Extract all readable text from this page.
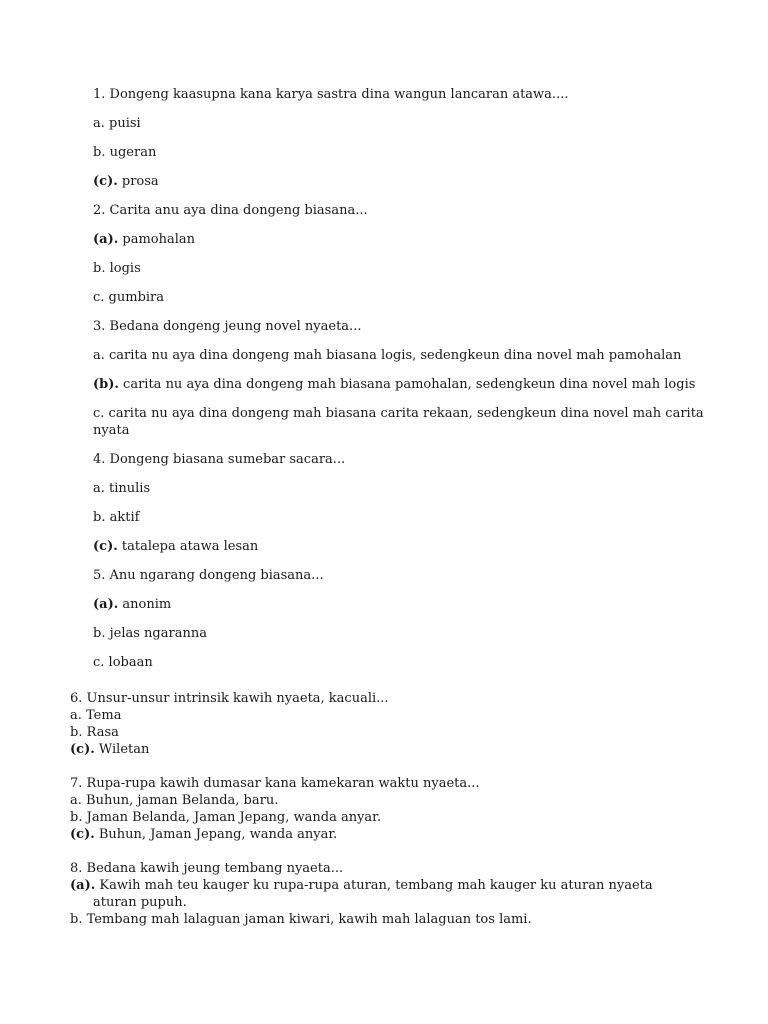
1. Dongeng kaasupna kana karya sastra dina wangun lancaran atawa....

a. puisi

b. ugeran

(c). prosa

2. Carita anu aya dina dongeng biasana...

(a). pamohalan

b. logis

c. gumbira

3. Bedana dongeng jeung novel nyaeta...

a. carita nu aya dina dongeng mah biasana logis, sedengkeun dina novel mah pamohalan

(b). carita nu aya dina dongeng mah biasana pamohalan, sedengkeun dina novel mah logis

c. carita nu aya dina dongeng mah biasana carita rekaan, sedengkeun dina novel mah carita nyata

4. Dongeng biasana sumebar sacara...

a. tinulis

b. aktif

(c). tatalepa atawa lesan

5. Anu ngarang dongeng biasana...

(a). anonim

b. jelas ngaranna

c. lobaan

6. Unsur-unsur intrinsik kawih nyaeta, kacuali...
a. Tema
b. Rasa
(c). Wiletan
7. Rupa-rupa kawih dumasar kana kamekaran waktu nyaeta...
a. Buhun, jaman Belanda, baru.
b. Jaman Belanda, Jaman Jepang, wanda anyar.
(c). Buhun, Jaman Jepang, wanda anyar.
8. Bedana kawih jeung tembang nyaeta...
(a). Kawih mah teu kauger ku rupa-rupa aturan, tembang mah kauger ku aturan nyaeta
aturan pupuh.
b. Tembang mah lalaguan jaman kiwari, kawih mah lalaguan tos lami.
